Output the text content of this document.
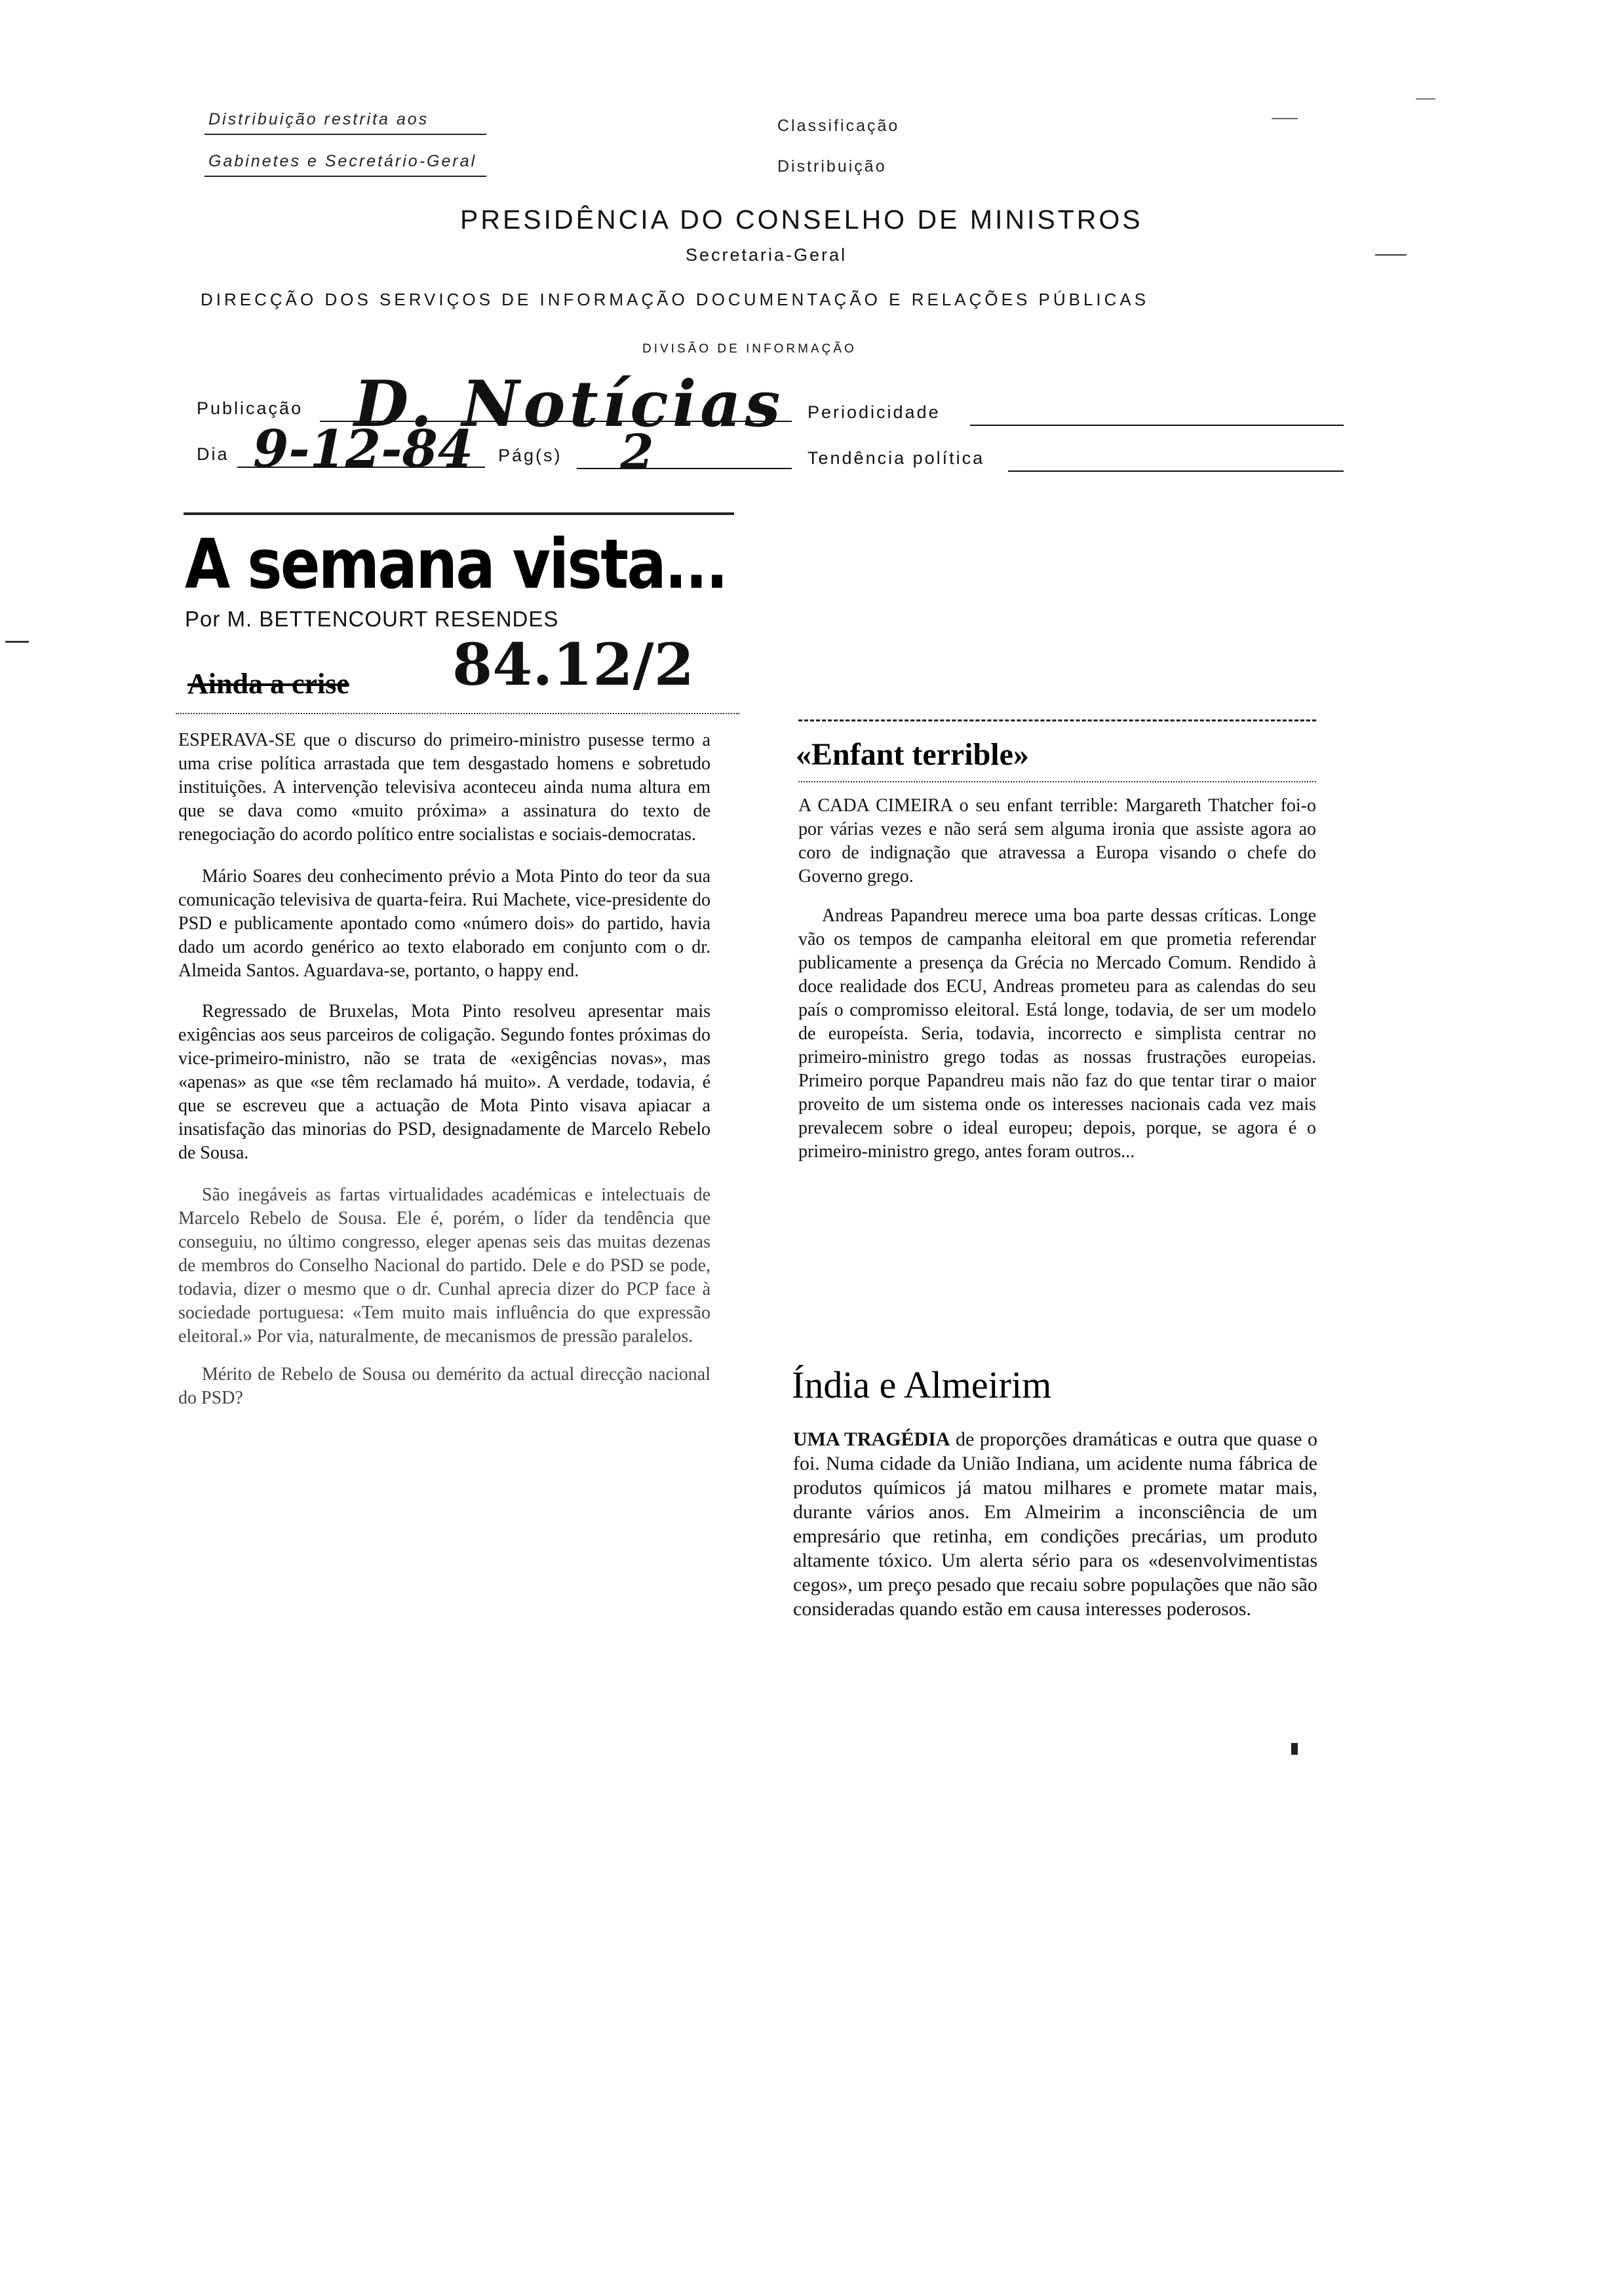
Distribuição restrita aos
Gabinetes e Secretário-Geral
Classificação
Distribuição
PRESIDÊNCIA DO CONSELHO DE MINISTROS
Secretaria-Geral
DIRECÇÃO DOS SERVIÇOS DE INFORMAÇÃO DOCUMENTAÇÃO E RELAÇÕES PÚBLICAS
DIVISÃO DE INFORMAÇÃO
Publicação D. Notícias Periodicidade
Dia 9-12-84 Pág(s) 2	Tendência política
A semana vista...
Por M. BETTENCOURT RESENDES
84.12/2
Ainda a crise

ESPERAVA-SE que o discurso do primeiro-ministro pusesse termo a uma crise política arrastada que tem desgastado homens e sobretudo instituições. A intervenção televisiva aconteceu ainda numa altura em que se dava como «muito próxima» a assinatura do texto de renegociação do acordo político entre socialistas e sociais-democratas.

Mário Soares deu conhecimento prévio a Mota Pinto do teor da sua comunicação televisiva de quarta-feira. Rui Machete, vice-presidente do PSD e publicamente apontado como «número dois» do partido, havia dado um acordo genérico ao texto elaborado em conjunto com o dr. Almeida Santos. Aguardava-se, portanto, o happy end.

Regressado de Bruxelas, Mota Pinto resolveu apresentar mais exigências aos seus parceiros de coligação. Segundo fontes próximas do vice-primeiro-ministro, não se trata de «exigências novas», mas «apenas» as que «se têm reclamado há muito». A verdade, todavia, é que se escreveu que a actuação de Mota Pinto visava apiacar a insatisfação das minorias do PSD, designadamente de Marcelo Rebelo de Sousa.

São inegáveis as fartas virtualidades académicas e intelectuais de Marcelo Rebelo de Sousa. Ele é, porém, o líder da tendência que conseguiu, no último congresso, eleger apenas seis das muitas dezenas de membros do Conselho Nacional do partido. Dele e do PSD se pode, todavia, dizer o mesmo que o dr. Cunhal aprecia dizer do PCP face à sociedade portuguesa: «Tem muito mais influência do que expressão eleitoral.» Por via, naturalmente, de mecanismos de pressão paralelos.

Mérito de Rebelo de Sousa ou demérito da actual direcção nacional do PSD?

«Enfant terrible»

A CADA CIMEIRA o seu enfant terrible: Margareth Thatcher foi-o por várias vezes e não será sem alguma ironia que assiste agora ao coro de indignação que atravessa a Europa visando o chefe do Governo grego.

Andreas Papandreu merece uma boa parte dessas críticas. Longe vão os tempos de campanha eleitoral em que prometia referendar publicamente a presença da Grécia no Mercado Comum. Rendido à doce realidade dos ECU, Andreas prometeu para as calendas do seu país o compromisso eleitoral. Está longe, todavia, de ser um modelo de europeísta. Seria, todavia, incorrecto e simplista centrar no primeiro-ministro grego todas as nossas frustrações europeias. Primeiro porque Papandreu mais não faz do que tentar tirar o maior proveito de um sistema onde os interesses nacionais cada vez mais prevalecem sobre o ideal europeu; depois, porque, se agora é o primeiro-ministro grego, antes foram outros...

Índia e Almeirim

UMA TRAGÉDIA de proporções dramáticas e outra que quase o foi. Numa cidade da União Indiana, um acidente numa fábrica de produtos químicos já matou milhares e promete matar mais, durante vários anos. Em Almeirim a inconsciência de um empresário que retinha, em condições precárias, um produto altamente tóxico. Um alerta sério para os «desenvolvimentistas cegos», um preço pesado que recaiu sobre populações que não são consideradas quando estão em causa interesses poderosos.
